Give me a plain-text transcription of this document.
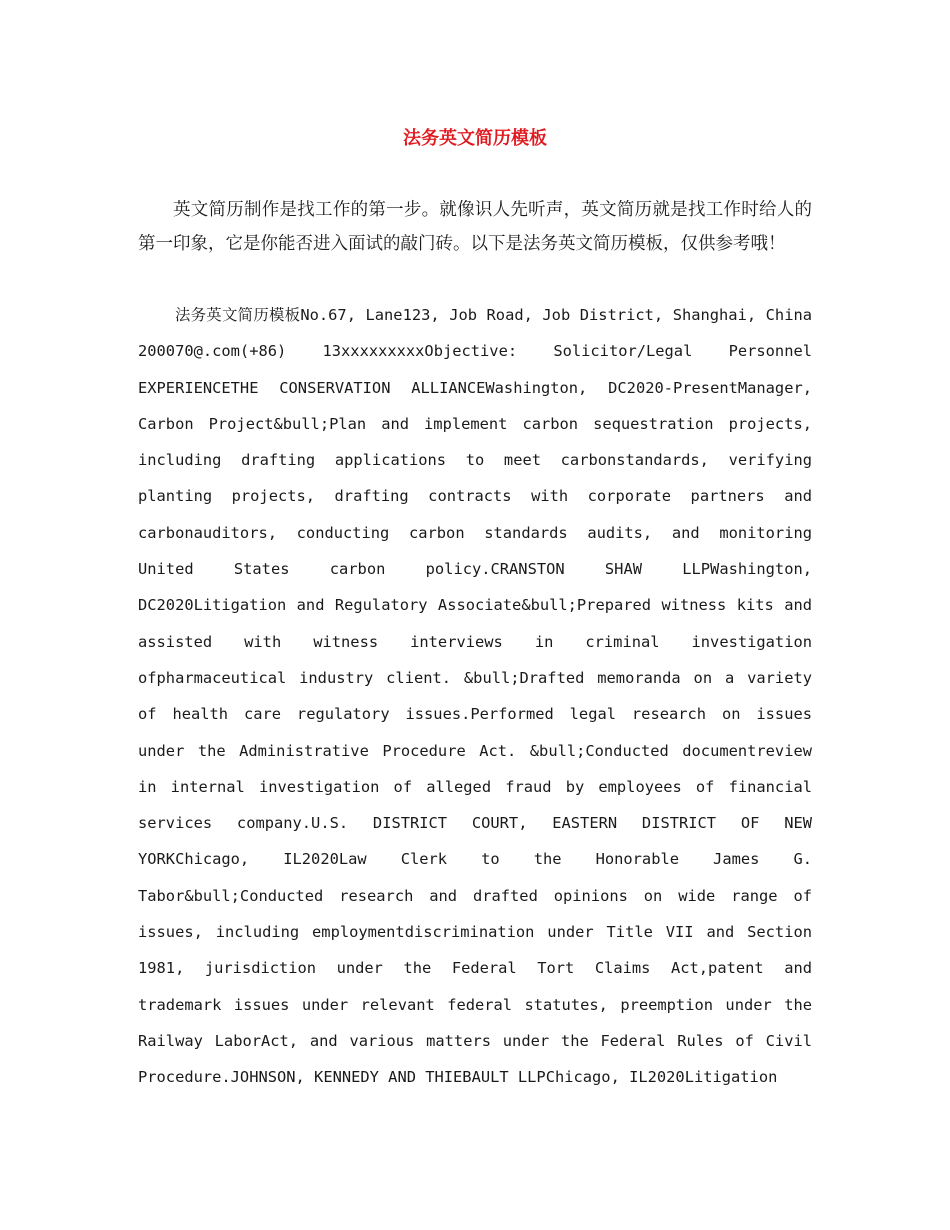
法务英文简历模板

英文简历制作是找工作的第一步。就像识人先听声，英文简历就是找工作时给人的第一印象，它是你能否进入面试的敲门砖。以下是法务英文简历模板，仅供参考哦！

法务英文简历模板No.67, Lane123, Job Road, Job District, Shanghai, China 200070@.com(+86) 13xxxxxxxxxObjective: Solicitor/Legal Personnel EXPERIENCETHE CONSERVATION ALLIANCEWashington, DC2020-PresentManager, Carbon Project&bull;Plan and implement carbon sequestration projects, including drafting applications to meet carbonstandards, verifying planting projects, drafting contracts with corporate partners and carbonauditors, conducting carbon standards audits, and monitoring United States carbon policy.CRANSTON SHAW LLPWashington, DC2020Litigation and Regulatory Associate&bull;Prepared witness kits and assisted with witness interviews in criminal investigation ofpharmaceutical industry client. &bull;Drafted memoranda on a variety of health care regulatory issues.Performed legal research on issues under the Administrative Procedure Act. &bull;Conducted documentreview in internal investigation of alleged fraud by employees of financial services company.U.S. DISTRICT COURT, EASTERN DISTRICT OF NEW YORKChicago, IL2020Law Clerk to the Honorable James G. Tabor&bull;Conducted research and drafted opinions on wide range of issues, including employmentdiscrimination under Title VII and Section 1981, jurisdiction under the Federal Tort Claims Act,patent and trademark issues under relevant federal statutes, preemption under the Railway LaborAct, and various matters under the Federal Rules of Civil Procedure.JOHNSON, KENNEDY AND THIEBAULT LLPChicago, IL2020Litigation
